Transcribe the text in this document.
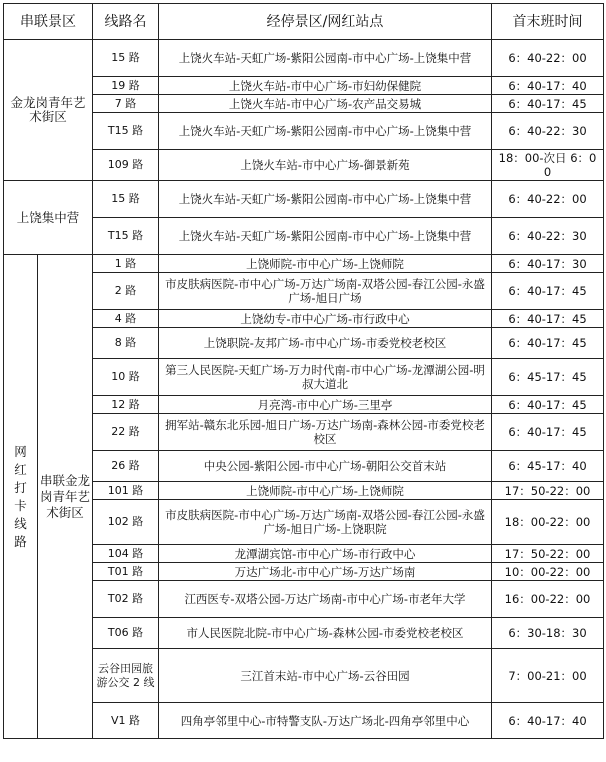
串联景区		线路名	经停景区/网红站点	首末班时间
金龙岗青年艺术街区		15 路	上饶火车站-天虹广场-紫阳公园南-市中心广场-上饶集中营	6：40-22：00
		19 路	上饶火车站-市中心广场-市妇幼保健院	6：40-17：40
		7 路	上饶火车站-市中心广场-农产品交易城	6：40-17：45
		T15 路	上饶火车站-天虹广场-紫阳公园南-市中心广场-上饶集中营	6：40-22：30
		109 路	上饶火车站-市中心广场-御景新苑	18：00-次日 6：00
上饶集中营		15 路	上饶火车站-天虹广场-紫阳公园南-市中心广场-上饶集中营	6：40-22：00
		T15 路	上饶火车站-天虹广场-紫阳公园南-市中心广场-上饶集中营	6：40-22：30
网红打卡线路	串联金龙岗青年艺术街区	1 路	上饶师院-市中心广场-上饶师院	6：40-17：30
		2 路	市皮肤病医院-市中心广场-万达广场南-双塔公园-春江公园-永盛广场-旭日广场	6：40-17：45
		4 路	上饶幼专-市中心广场-市行政中心	6：40-17：45
		8 路	上饶职院-友邦广场-市中心广场-市委党校老校区	6：40-17：45
		10 路	第三人民医院-天虹广场-万力时代南-市中心广场-龙潭湖公园-明叔大道北	6：45-17：45
		12 路	月亮湾-市中心广场-三里亭	6：40-17：45
		22 路	拥军站-赣东北乐园-旭日广场-万达广场南-森林公园-市委党校老校区	6：40-17：45
		26 路	中央公园-紫阳公园-市中心广场-朝阳公交首末站	6：45-17：40
		101 路	上饶师院-市中心广场-上饶师院	17：50-22：00
		102 路	市皮肤病医院-市中心广场-万达广场南-双塔公园-春江公园-永盛广场-旭日广场-上饶职院	18：00-22：00
		104 路	龙潭湖宾馆-市中心广场-市行政中心	17：50-22：00
		T01 路	万达广场北-市中心广场-万达广场南	10：00-22：00
		T02 路	江西医专-双塔公园-万达广场南-市中心广场-市老年大学	16：00-22：00
		T06 路	市人民医院北院-市中心广场-森林公园-市委党校老校区	6：30-18：30
		云谷田园旅游公交 2 线	三江首末站-市中心广场-云谷田园	7：00-21：00
		V1 路	四角亭邻里中心-市特警支队-万达广场北-四角亭邻里中心	6：40-17：40
